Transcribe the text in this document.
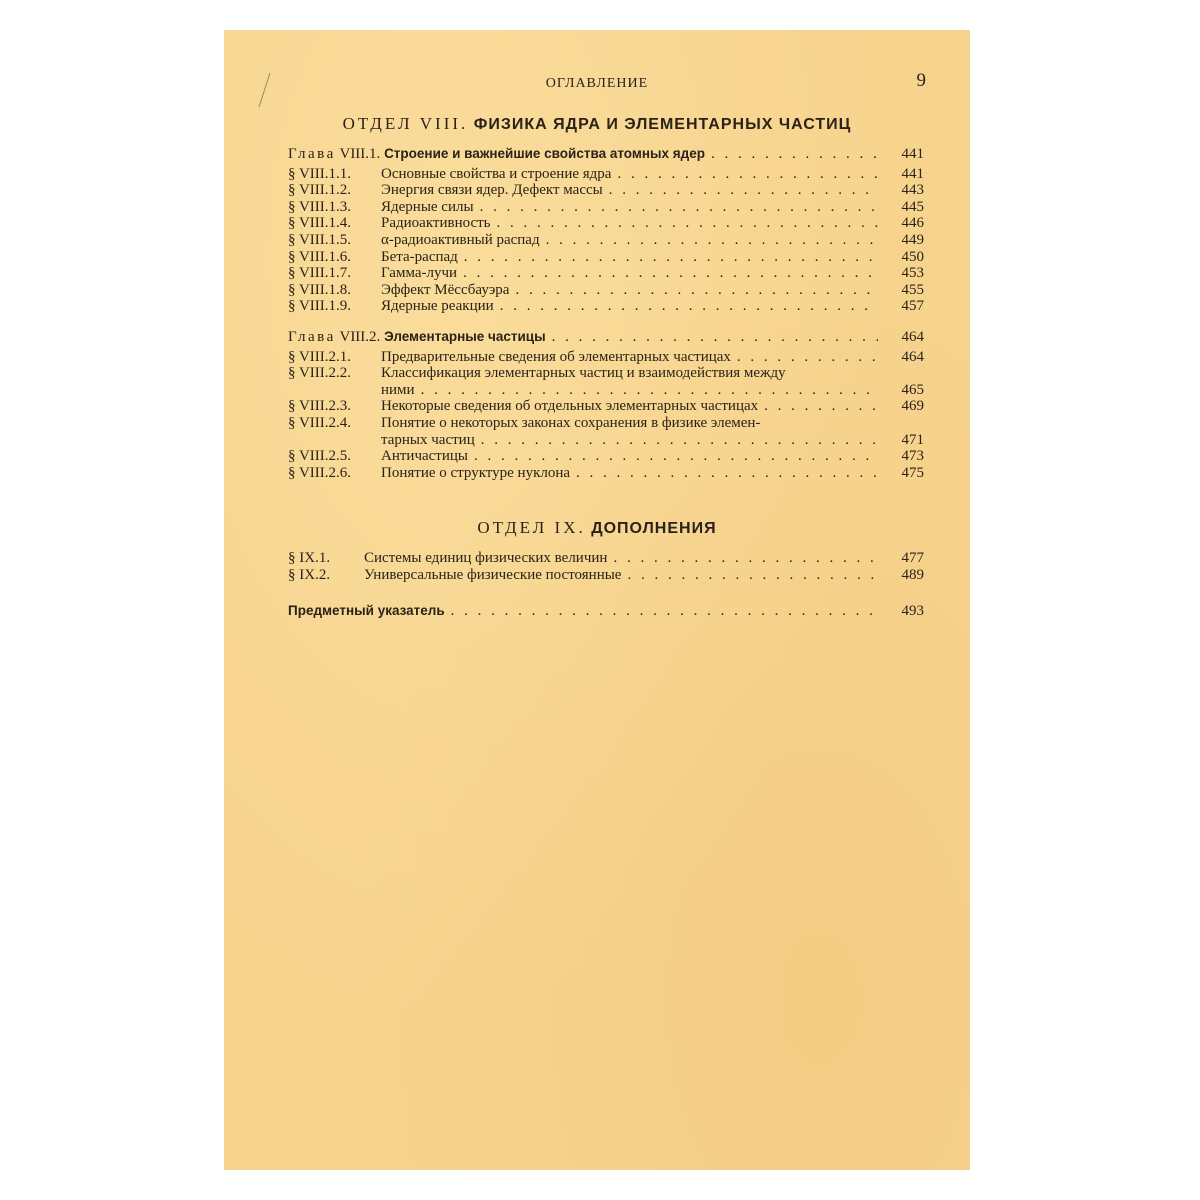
ОГЛАВЛЕНИЕ	9
ОТДЕЛ VIII. ФИЗИКА ЯДРА И ЭЛЕМЕНТАРНЫХ ЧАСТИЦ
Глава VIII.1. Строение и важнейшие свойства атомных ядер . . .	441
§ VIII.1.1.	Основные свойства и строение ядра . . .	441
§ VIII.1.2.	Энергия связи ядер. Дефект массы . . .	443
§ VIII.1.3.	Ядерные силы . . .	445
§ VIII.1.4.	Радиоактивность . . .	446
§ VIII.1.5.	α-радиоактивный распад . . .	449
§ VIII.1.6.	Бета-распад . . .	450
§ VIII.1.7.	Гамма-лучи . . .	453
§ VIII.1.8.	Эффект Мёссбауэра . . .	455
§ VIII.1.9.	Ядерные реакции . . .	457
Глава VIII.2. Элементарные частицы . . .	464
§ VIII.2.1.	Предварительные сведения об элементарных частицах . . .	464
§ VIII.2.2.	Классификация элементарных частиц и взаимодействия между
ними . . .	465
§ VIII.2.3.	Некоторые сведения об отдельных элементарных частицах . . .	469
§ VIII.2.4.	Понятие о некоторых законах сохранения в физике элемен-
тарных частиц . . .	471
§ VIII.2.5.	Античастицы . . .	473
§ VIII.2.6.	Понятие о структуре нуклона . . .	475
ОТДЕЛ IX. ДОПОЛНЕНИЯ
§ IX.1.	Системы единиц физических величин . . .	477
§ IX.2.	Универсальные физические постоянные . . .	489
Предметный указатель . . .	493
